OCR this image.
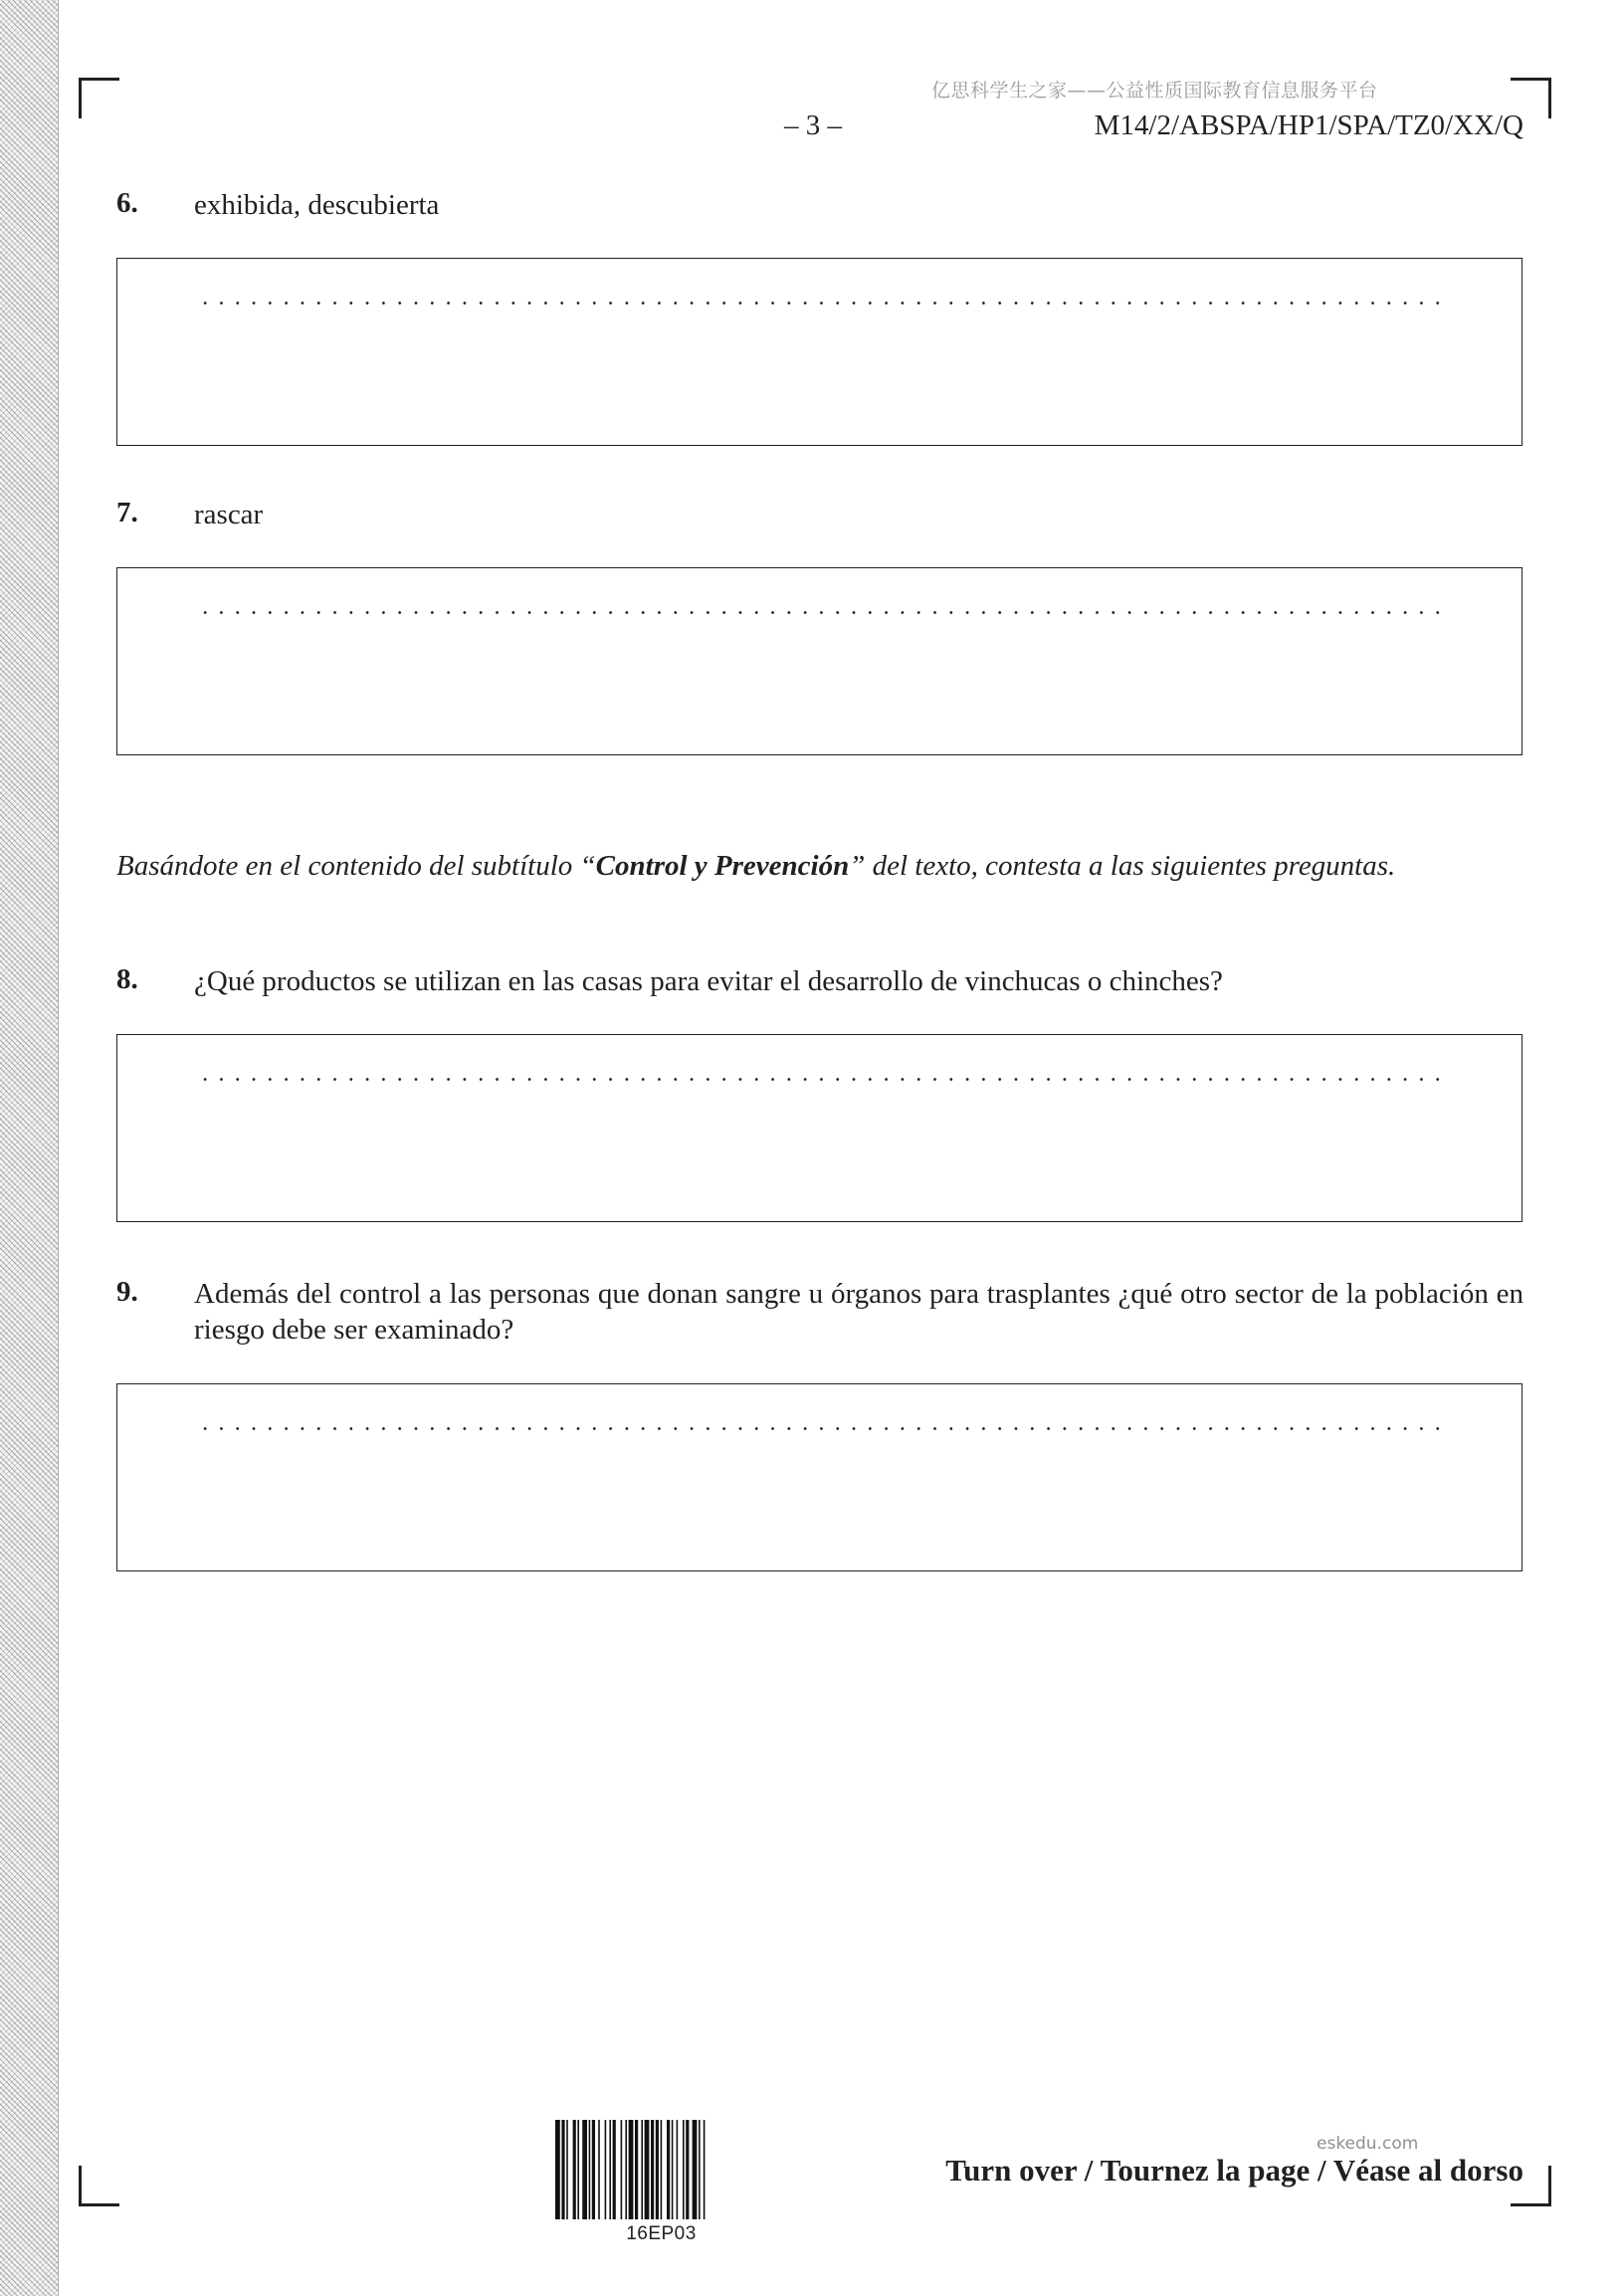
亿思科学生之家——公益性质国际教育信息服务平台
– 3 –	M14/2/ABSPA/HP1/SPA/TZ0/XX/Q
6. exhibida, descubierta
7. rascar
Basándote en el contenido del subtítulo “Control y Prevención” del texto, contesta a las siguientes preguntas.
8. ¿Qué productos se utilizan en las casas para evitar el desarrollo de vinchucas o chinches?
9. Además del control a las personas que donan sangre u órganos para trasplantes ¿qué otro sector de la población en riesgo debe ser examinado?
16EP03
Turn over / Tournez la page / Véase al dorso
eskedu.com
